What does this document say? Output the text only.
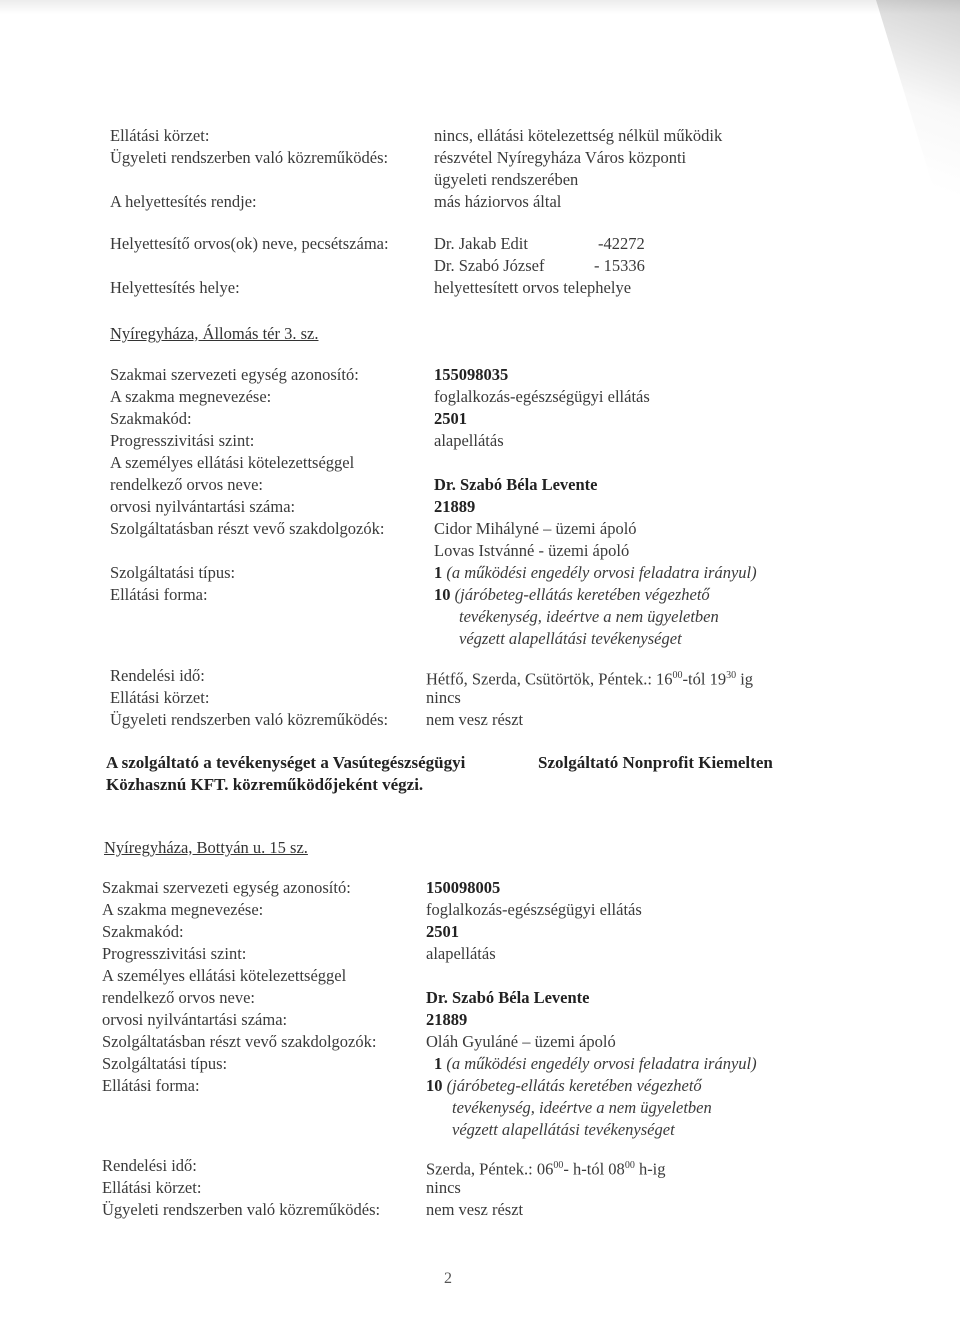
Ellátási körzet:	nincs, ellátási kötelezettség nélkül működik
Ügyeleti rendszerben való közreműködés:	részvétel Nyíregyháza Város központi
ügyeleti rendszerében
A helyettesítés rendje:	más háziorvos által
Helyettesítő orvos(ok) neve, pecsétszáma:	Dr. Jakab Edit	-42272
Dr. Szabó József	- 15336
Helyettesítés helye:	helyettesített orvos telephelye
Nyíregyháza, Állomás tér 3. sz.
Szakmai szervezeti egység azonosító:	155098035
A szakma megnevezése:	foglalkozás-egészségügyi ellátás
Szakmakód:	2501
Progresszivitási szint:	alapellátás
A személyes ellátási kötelezettséggel
rendelkező orvos neve:	Dr. Szabó Béla Levente
orvosi nyilvántartási száma:	21889
Szolgáltatásban részt vevő szakdolgozók:	Cidor Mihályné – üzemi ápoló
Lovas Istvánné - üzemi ápoló
Szolgáltatási típus:	1 (a működési engedély orvosi feladatra irányul)
Ellátási forma:	10 (járóbeteg-ellátás keretében végezhető
tevékenység, ideértve a nem ügyeletben
végzett alapellátási tevékenységet
Rendelési idő:	Hétfő, Szerda, Csütörtök, Péntek.: $16^{00}$-tól $19^{30}$ ig
Ellátási körzet:	nincs
Ügyeleti rendszerben való közreműködés: nem vesz részt
A szolgáltató a tevékenységet a Vasútegészségügyi	Szolgáltató Nonprofit Kiemelten
Közhasznú KFT. közreműködőjeként végzi.
Nyíregyháza, Bottyán u. 15 sz.
Szakmai szervezeti egység azonosító:	150098005
A szakma megnevezése:	foglalkozás-egészségügyi ellátás
Szakmakód:	2501
Progresszivitási szint:	alapellátás
A személyes ellátási kötelezettséggel
rendelkező orvos neve:	Dr. Szabó Béla Levente
orvosi nyilvántartási száma:	21889
Szolgáltatásban részt vevő szakdolgozók:	Oláh Gyuláné – üzemi ápoló
Szolgáltatási típus:	1 (a működési engedély orvosi feladatra irányul)
Ellátási forma:	10 (járóbeteg-ellátás keretében végezhető
tevékenység, ideértve a nem ügyeletben
végzett alapellátási tevékenységet
Rendelési idő:	Szerda, Péntek.: $06^{00}-$ h-tól $08^{00}$ h-ig
Ellátási körzet:	nincs
Ügyeleti rendszerben való közreműködés:	nem vesz részt
2
